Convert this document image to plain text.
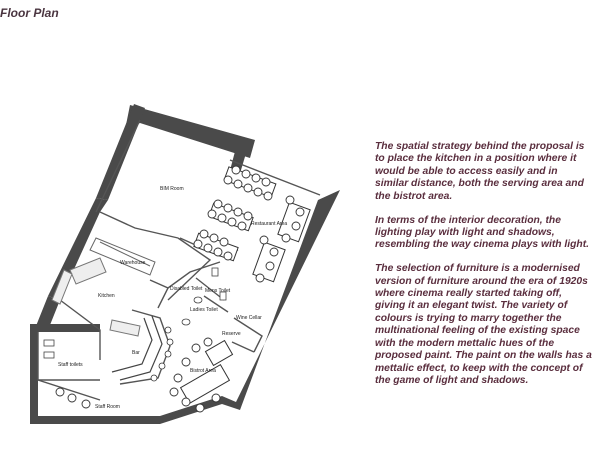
Floor Plan
BIM Room
Restaurant Area
Warehouse
Kitchen
Disabled Toilet Mens Toilet
Ladies Toilet
Wine Cellar
Reserve
Staff toilets
Bar
Bistrot Area
Staff Room

The spatial strategy behind the proposal is to place the kitchen in a position where it would be able to access easily and in similar distance, both the serving area and the bistrot area.

In terms of the interior decoration, the lighting play with light and shadows, resembling the way cinema plays with light.

The selection of furniture is a modernised version of furniture around the era of 1920s where cinema really started taking off, giving it an elegant twist. The variety of colours is trying to marry together the multinational feeling of the existing space with the modern mettalic hues of the proposed paint. The paint on the walls has a mettalic effect, to keep with the concept of the game of light and shadows.
